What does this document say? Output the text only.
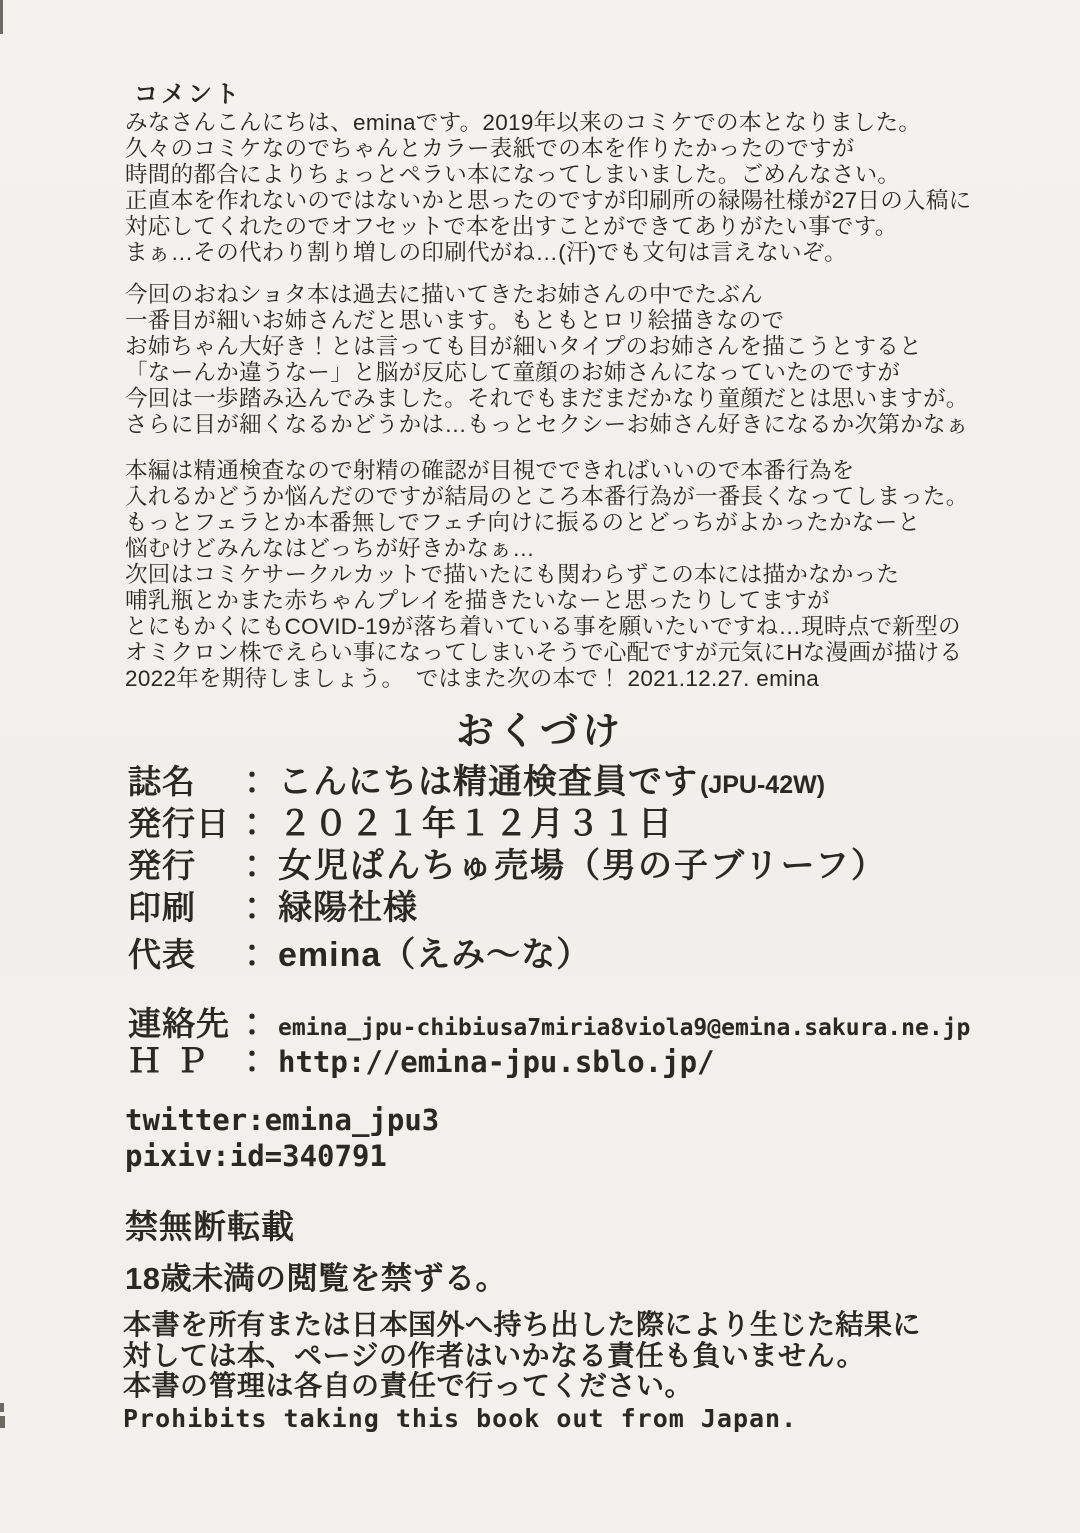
コメント
みなさんこんにちは、eminaです。2019年以来のコミケでの本となりました。
久々のコミケなのでちゃんとカラー表紙での本を作りたかったのですが
時間的都合によりちょっとペラい本になってしまいました。ごめんなさい。
正直本を作れないのではないかと思ったのですが印刷所の緑陽社様が27日の入稿に
対応してくれたのでオフセットで本を出すことができてありがたい事です。
まぁ…その代わり割り増しの印刷代がね…(汗)でも文句は言えないぞ。
今回のおねショタ本は過去に描いてきたお姉さんの中でたぶん
一番目が細いお姉さんだと思います。もともとロリ絵描きなので
お姉ちゃん大好き！とは言っても目が細いタイプのお姉さんを描こうとすると
「なーんか違うなー」と脳が反応して童顔のお姉さんになっていたのですが
今回は一歩踏み込んでみました。それでもまだまだかなり童顔だとは思いますが。
さらに目が細くなるかどうかは…もっとセクシーお姉さん好きになるか次第かなぁ
本編は精通検査なので射精の確認が目視でできればいいので本番行為を
入れるかどうか悩んだのですが結局のところ本番行為が一番長くなってしまった。
もっとフェラとか本番無しでフェチ向けに振るのとどっちがよかったかなーと
悩むけどみんなはどっちが好きかなぁ…
次回はコミケサークルカットで描いたにも関わらずこの本には描かなかった
哺乳瓶とかまた赤ちゃんプレイを描きたいなーと思ったりしてますが
とにもかくにもCOVID-19が落ち着いている事を願いたいですね…現時点で新型の
オミクロン株でえらい事になってしまいそうで心配ですが元気にHな漫画が描ける
2022年を期待しましょう。　ではまた次の本で！ 2021.12.27. emina
おくづけ
誌名 ： こんにちは精通検査員です(JPU-42W)
発行日 ： ２０２１年１２月３１日
発行 ： 女児ぱんちゅ売場（男の子ブリーフ）
印刷 ： 緑陽社様
代表 ： emina（えみ～な）
連絡先 ： emina_jpu-chibiusa7miria8viola9@emina.sakura.ne.jp
ＨＰ ： http://emina-jpu.sblo.jp/
twitter:emina_jpu3
pixiv:id=340791
禁無断転載
18歳未満の閲覧を禁ずる。
本書を所有または日本国外へ持ち出した際により生じた結果に
対しては本、ページの作者はいかなる責任も負いません。
本書の管理は各自の責任で行ってください。
Prohibits taking this book out from Japan.
